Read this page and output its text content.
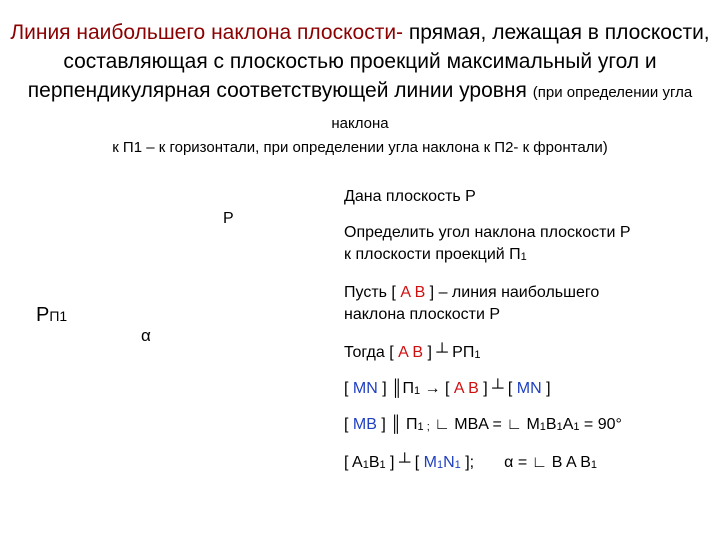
Линия наибольшего наклона плоскости- прямая, лежащая в плоскости, составляющая с плоскостью проекций максимальный угол и перпендикулярная соответствующей линии уровня (при определении угла наклона
к П1 – к горизонтали, при определении угла наклона к П2- к фронтали)
P
PП1
α
Дана плоскость P
Определить угол наклона плоскости P
к плоскости проекций П1
Пусть [ A B ] – линия наибольшего
наклона плоскости P
Тогда [ A B ] ┴ PП1
[ MN ] ║П1 → [ A B ] ┴ [ MN ]
[ MB ] ║ П1 ; ∟ MBA = ∟ M1B1A1 = 90°
[ A1B1 ] ┴ [ M1N1 ]; α = ∟ B A B1
